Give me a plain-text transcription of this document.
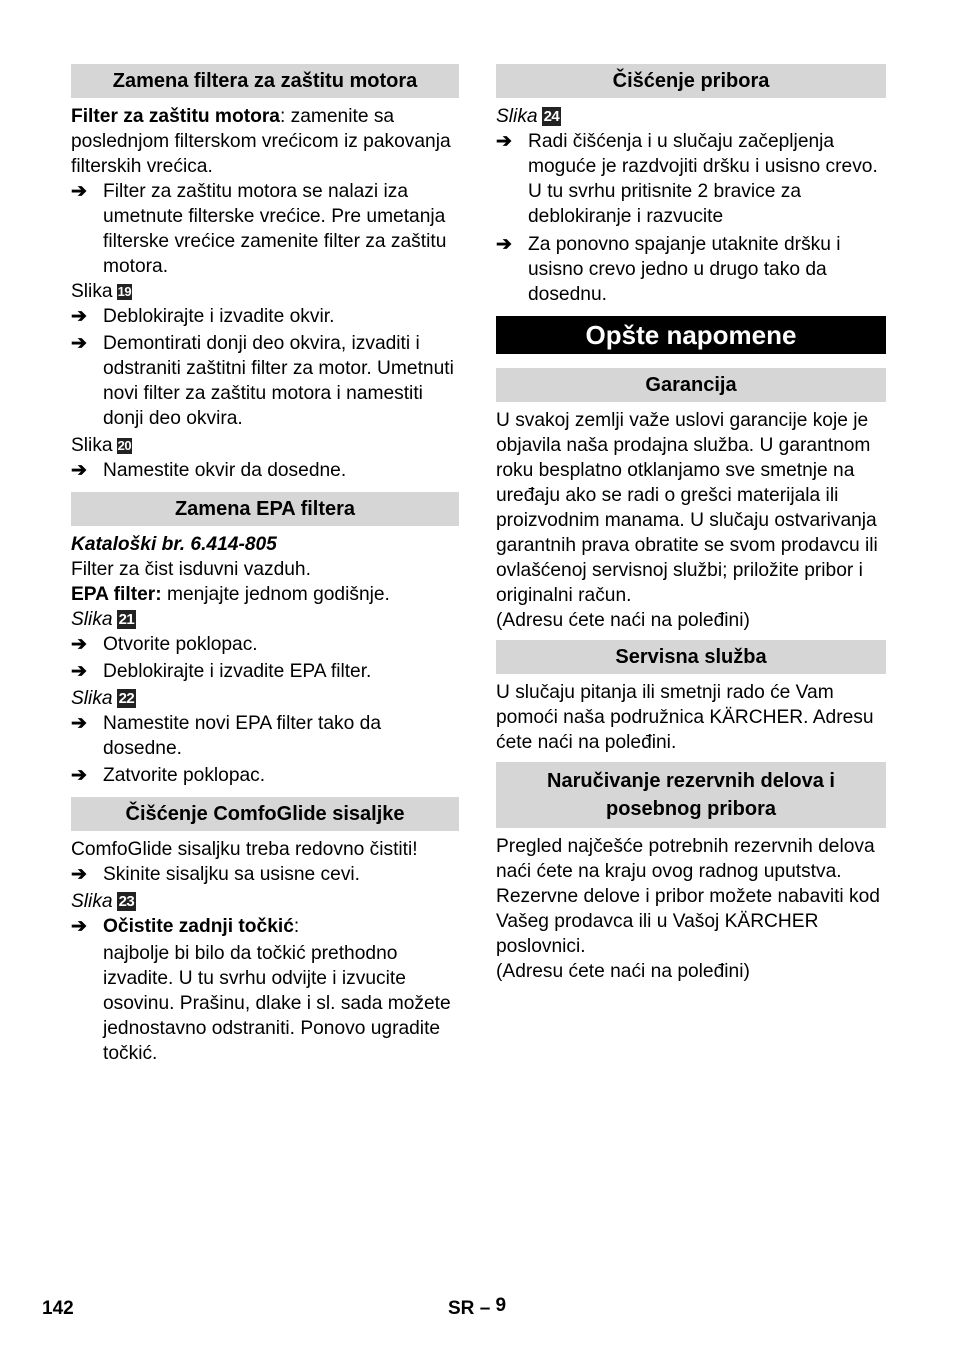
Zamena filtera za zaštitu motora
Filter za zaštitu motora: zamenite sa poslednjom filterskom vrećicom iz pakovanja filterskih vrećica.
➔ Filter za zaštitu motora se nalazi iza umetnute filterske vrećice. Pre umetanja filterske vrećice zamenite filter za zaštitu motora.
Slika 19
➔ Deblokirajte i izvadite okvir.
➔ Demontirati donji deo okvira, izvaditi i odstraniti zaštitni filter za motor. Umetnuti novi filter za zaštitu motora i namestiti donji deo okvira.
Slika 20
➔ Namestite okvir da dosedne.
Zamena EPA filtera
Kataloški br. 6.414-805
Filter za čist isduvni vazduh.
EPA filter: menjajte jednom godišnje.
Slika 21
➔ Otvorite poklopac.
➔ Deblokirajte i izvadite EPA filter.
Slika 22
➔ Namestite novi EPA filter tako da dosedne.
➔ Zatvorite poklopac.
Čišćenje ComfoGlide sisaljke
ComfoGlide sisaljku treba redovno čistiti!
➔ Skinite sisaljku sa usisne cevi.
Slika 23
➔ Očistite zadnji točkić:
najbolje bi bilo da točkić prethodno izvadite. U tu svrhu odvijte i izvucite osovinu. Prašinu, dlake i sl. sada možete jednostavno odstraniti. Ponovo ugradite točkić.
Čišćenje pribora
Slika 24
➔ Radi čišćenja i u slučaju začepljenja moguće je razdvojiti dršku i usisno crevo. U tu svrhu pritisnite 2 bravice za deblokiranje i razvucite
➔ Za ponovno spajanje utaknite dršku i usisno crevo jedno u drugo tako da dosednu.
Opšte napomene
Garancija
U svakoj zemlji važe uslovi garancije koje je objavila naša prodajna služba. U garantnom roku besplatno otklanjamo sve smetnje na uređaju ako se radi o grešci materijala ili proizvodnim manama. U slučaju ostvarivanja garantnih prava obratite se svom prodavcu ili ovlašćenoj servisnoj službi; priložite pribor i originalni račun.
(Adresu ćete naći na poleđini)
Servisna služba
U slučaju pitanja ili smetnji rado će Vam pomoći naša podružnica KÄRCHER. Adresu ćete naći na poleđini.
Naručivanje rezervnih delova i posebnog pribora
Pregled najčešće potrebnih rezervnih delova naći ćete na kraju ovog radnog uputstva.
Rezervne delove i pribor možete nabaviti kod Vašeg prodavca ili u Vašoj KÄRCHER poslovnici.
(Adresu ćete naći na poleđini)
142	SR – 9
